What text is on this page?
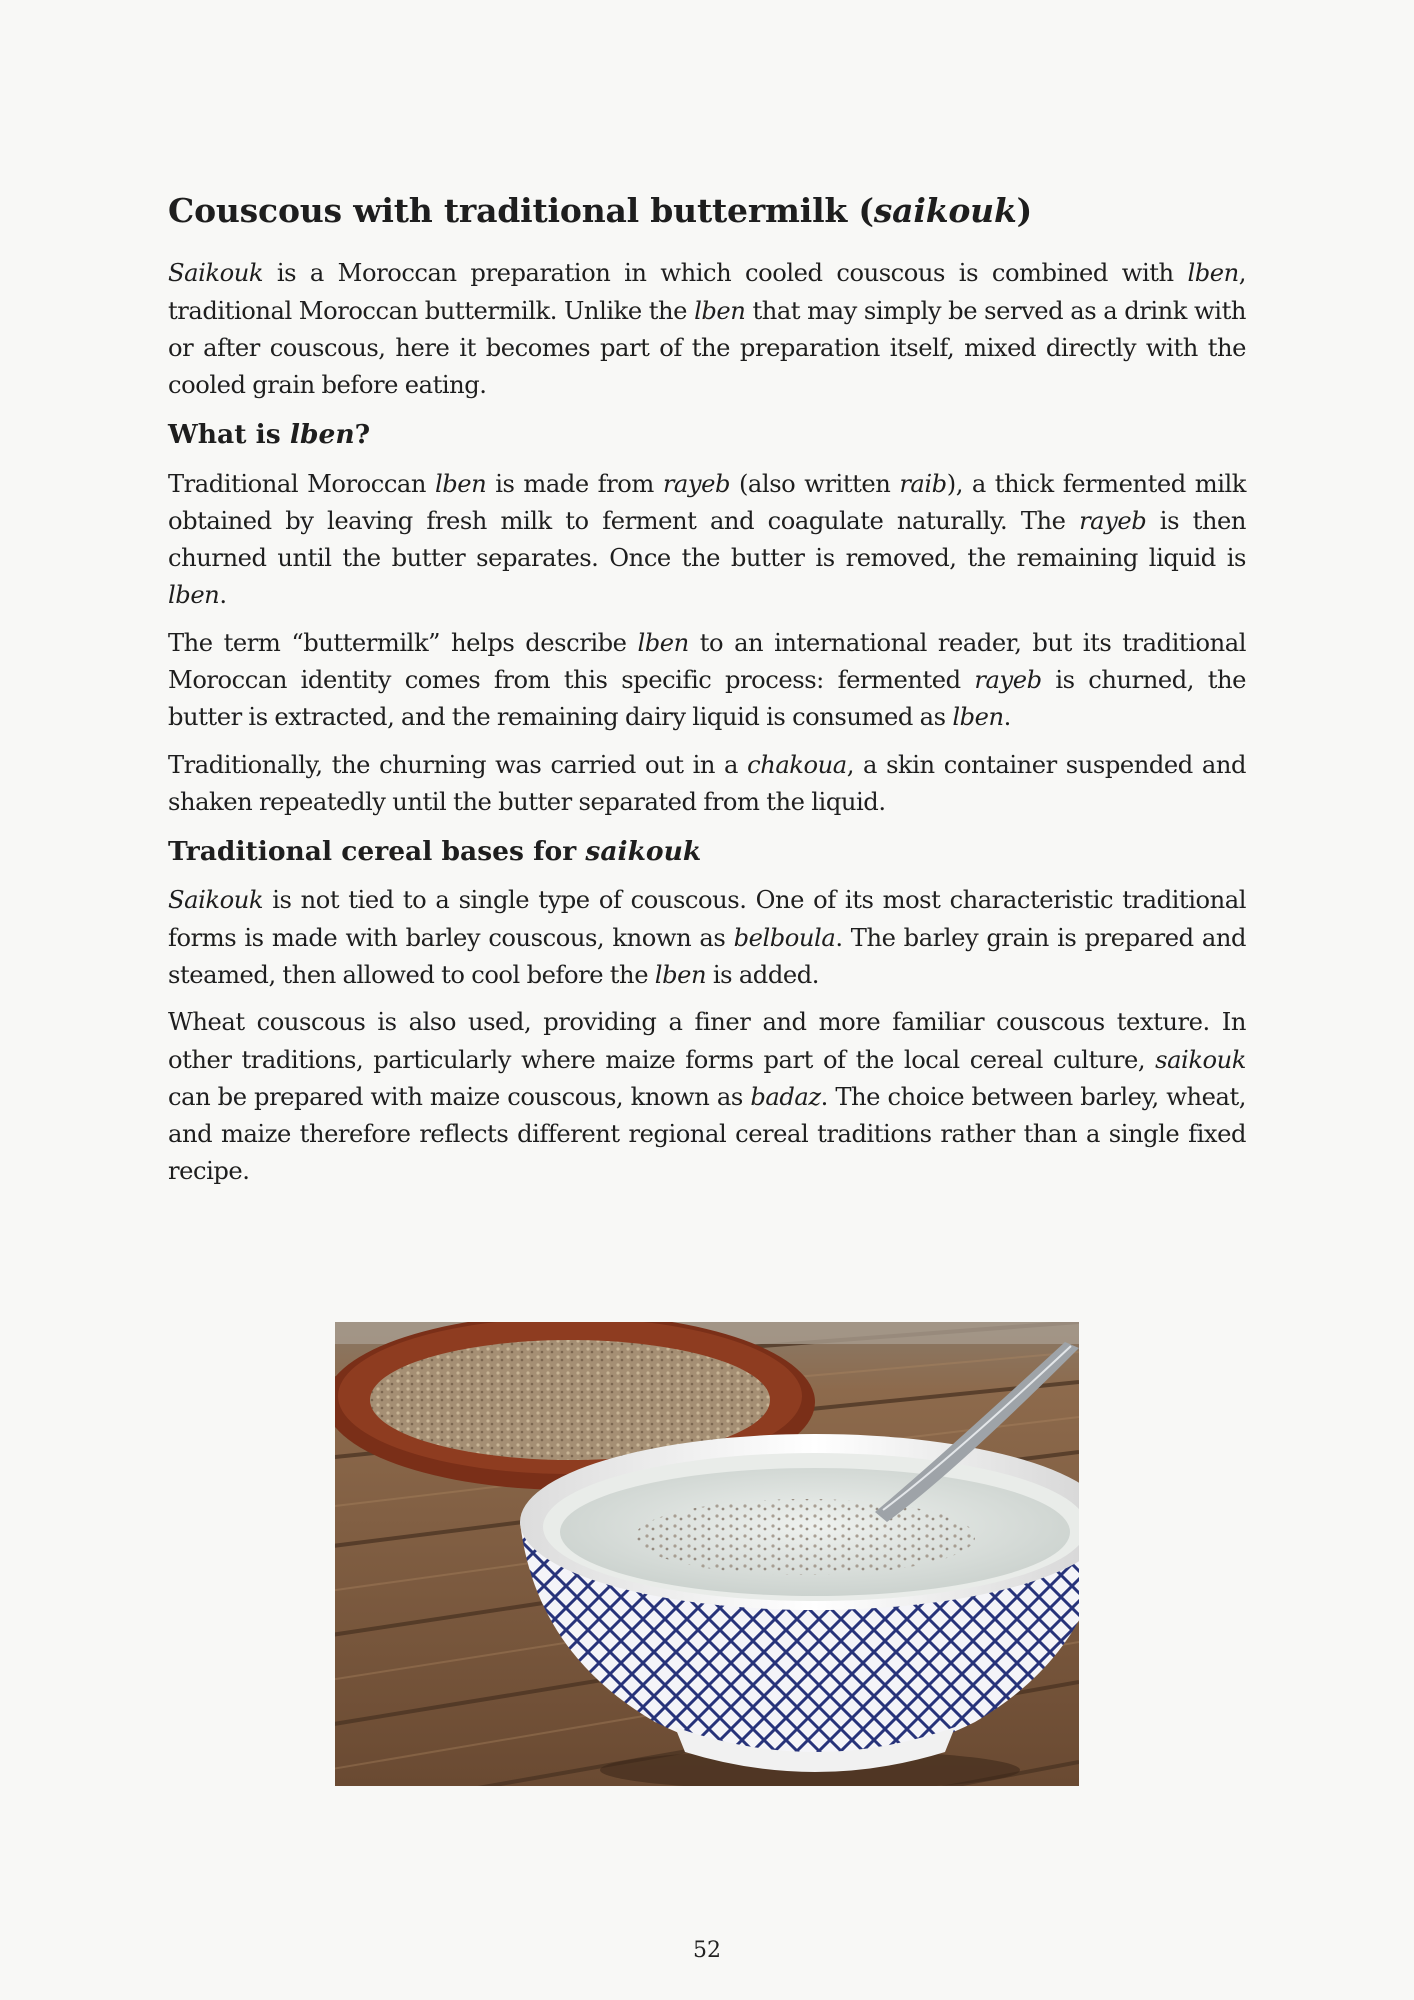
Couscous with traditional buttermilk (saikouk)

Saikouk is a Moroccan preparation in which cooled couscous is combined with lben, traditional Moroccan buttermilk. Unlike the lben that may simply be served as a drink with or after couscous, here it becomes part of the preparation itself, mixed directly with the cooled grain before eating.

What is lben?

Traditional Moroccan lben is made from rayeb (also written raib), a thick fermented milk obtained by leaving fresh milk to ferment and coagulate naturally. The rayeb is then churned until the butter separates. Once the butter is removed, the remaining liquid is lben.

The term “buttermilk” helps describe lben to an international reader, but its traditional Moroccan identity comes from this specific process: fermented rayeb is churned, the butter is extracted, and the remaining dairy liquid is consumed as lben.

Traditionally, the churning was carried out in a chakoua, a skin container suspended and shaken repeatedly until the butter separated from the liquid.

Traditional cereal bases for saikouk

Saikouk is not tied to a single type of couscous. One of its most characteristic traditional forms is made with barley couscous, known as belboula. The barley grain is prepared and steamed, then allowed to cool before the lben is added.

Wheat couscous is also used, providing a finer and more familiar couscous texture. In other traditions, particularly where maize forms part of the local cereal culture, saikouk can be prepared with maize couscous, known as badaz. The choice between barley, wheat, and maize therefore reflects different regional cereal traditions rather than a single fixed recipe.

52
